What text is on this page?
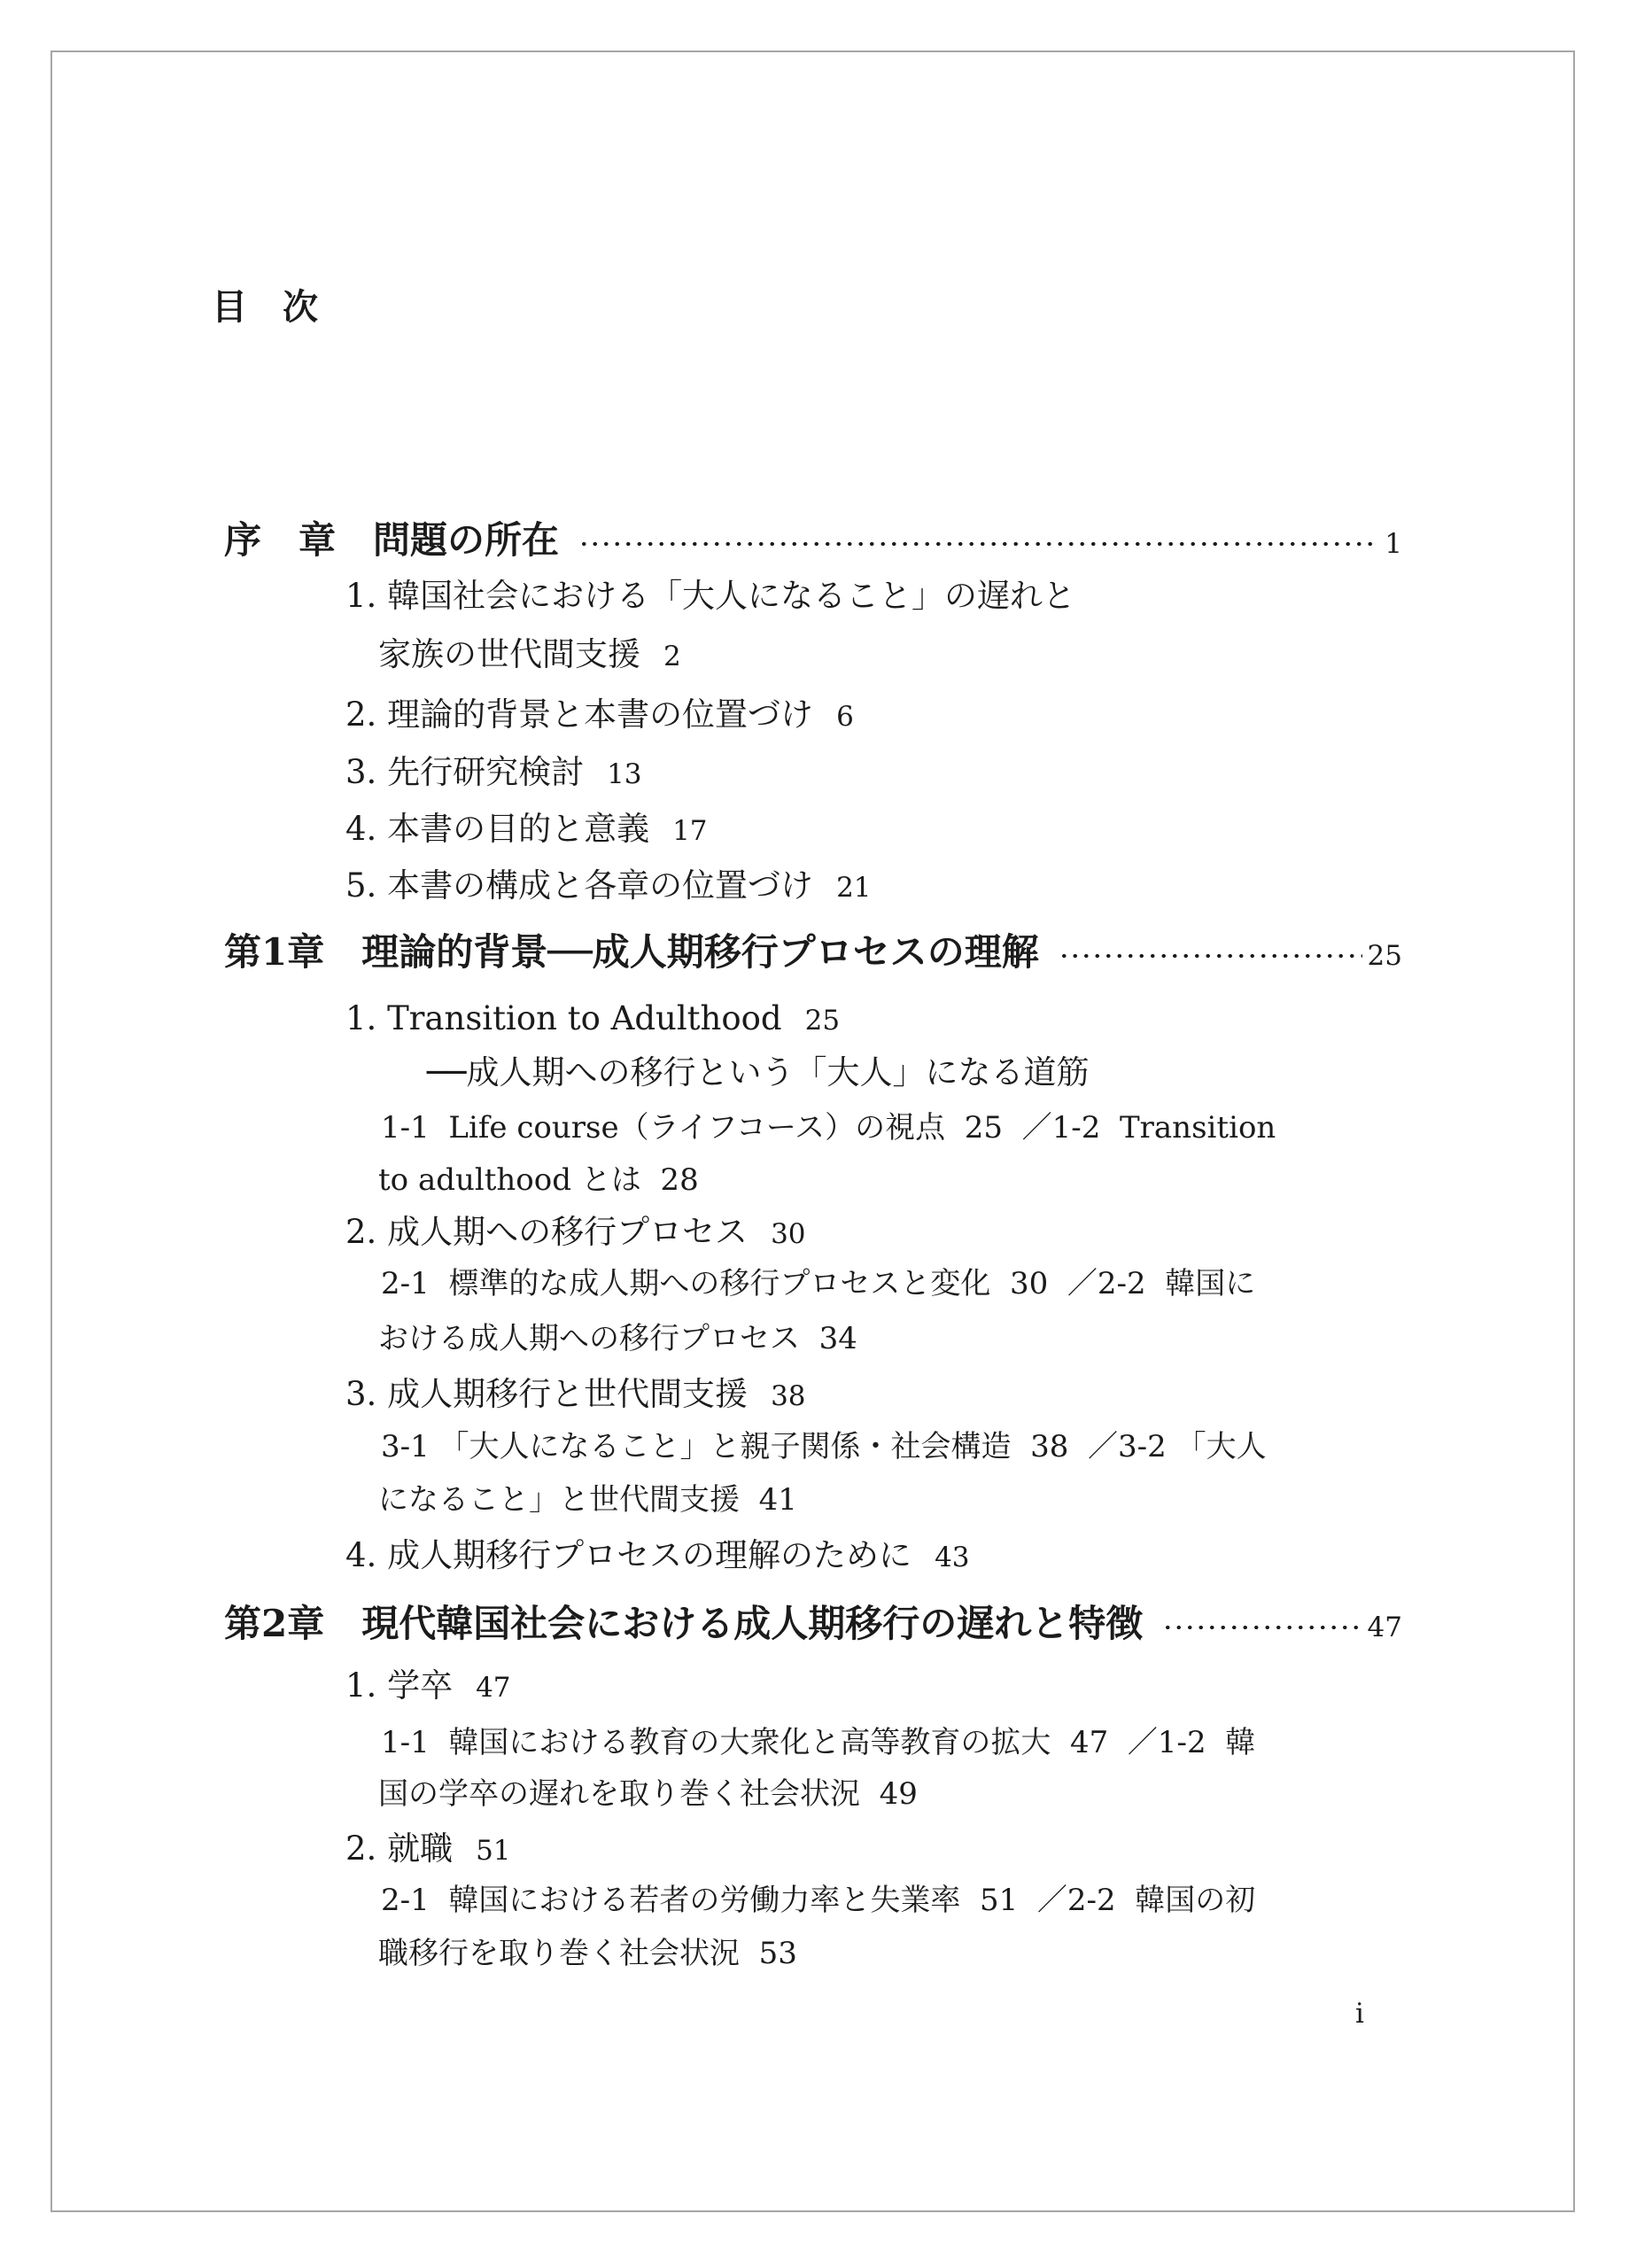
目　次
序　章　問題の所在	1
1. 韓国社会における「大人になること」の遅れと
家族の世代間支援 2
2. 理論的背景と本書の位置づけ 6
3. 先行研究検討 13
4. 本書の目的と意義 17
5. 本書の構成と各章の位置づけ 21
第1章　理論的背景──成人期移行プロセスの理解	25
1. Transition to Adulthood 25
──成人期への移行という「大人」になる道筋
1-1  Life course（ライフコース）の視点  25  ／1-2  Transition
to adulthood とは  28
2. 成人期への移行プロセス 30
2-1  標準的な成人期への移行プロセスと変化  30  ／2-2  韓国に
おける成人期への移行プロセス  34
3. 成人期移行と世代間支援 38
3-1 「大人になること」と親子関係・社会構造  38  ／3-2 「大人
になること」と世代間支援  41
4. 成人期移行プロセスの理解のために 43
第2章　現代韓国社会における成人期移行の遅れと特徴	47
1. 学卒 47
1-1  韓国における教育の大衆化と高等教育の拡大  47  ／1-2  韓
国の学卒の遅れを取り巻く社会状況  49
2. 就職 51
2-1  韓国における若者の労働力率と失業率  51  ／2-2  韓国の初
職移行を取り巻く社会状況  53
i
